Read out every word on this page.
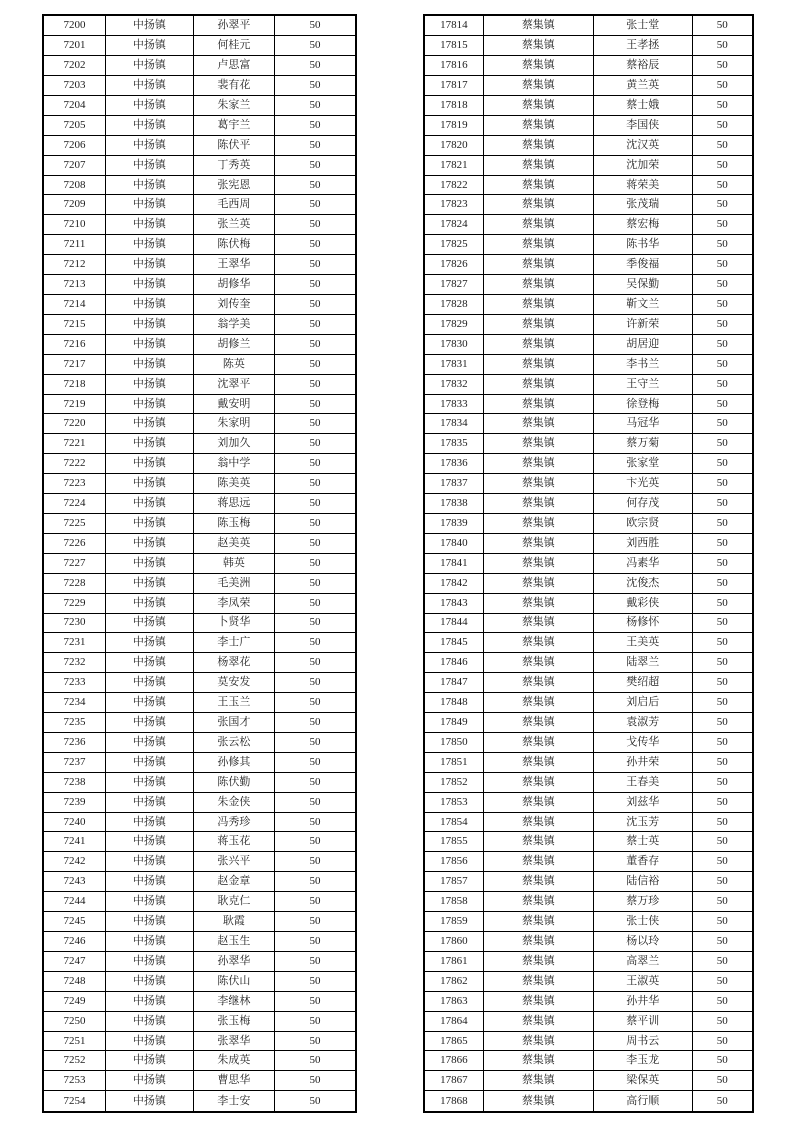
7200	中扬镇	孙翠平	50
7201	中扬镇	何桂元	50
7202	中扬镇	卢思富	50
7203	中扬镇	裴有花	50
7204	中扬镇	朱家兰	50
7205	中扬镇	葛宇兰	50
7206	中扬镇	陈伏平	50
7207	中扬镇	丁秀英	50
7208	中扬镇	张宪恩	50
7209	中扬镇	毛西周	50
7210	中扬镇	张兰英	50
7211	中扬镇	陈伏梅	50
7212	中扬镇	王翠华	50
7213	中扬镇	胡修华	50
7214	中扬镇	刘传奎	50
7215	中扬镇	翁学美	50
7216	中扬镇	胡修兰	50
7217	中扬镇	陈英	50
7218	中扬镇	沈翠平	50
7219	中扬镇	戴安明	50
7220	中扬镇	朱家明	50
7221	中扬镇	刘加久	50
7222	中扬镇	翁中学	50
7223	中扬镇	陈美英	50
7224	中扬镇	蒋思远	50
7225	中扬镇	陈玉梅	50
7226	中扬镇	赵美英	50
7227	中扬镇	韩英	50
7228	中扬镇	毛美洲	50
7229	中扬镇	李凤荣	50
7230	中扬镇	卜贤华	50
7231	中扬镇	李士广	50
7232	中扬镇	杨翠花	50
7233	中扬镇	莫安发	50
7234	中扬镇	王玉兰	50
7235	中扬镇	张国才	50
7236	中扬镇	张云松	50
7237	中扬镇	孙修其	50
7238	中扬镇	陈伏勤	50
7239	中扬镇	朱金侠	50
7240	中扬镇	冯秀珍	50
7241	中扬镇	蒋玉花	50
7242	中扬镇	张兴平	50
7243	中扬镇	赵金章	50
7244	中扬镇	耿克仁	50
7245	中扬镇	耿霞	50
7246	中扬镇	赵玉生	50
7247	中扬镇	孙翠华	50
7248	中扬镇	陈伏山	50
7249	中扬镇	李继林	50
7250	中扬镇	张玉梅	50
7251	中扬镇	张翠华	50
7252	中扬镇	朱成英	50
7253	中扬镇	曹思华	50
7254	中扬镇	李士安	50
17814	蔡集镇	张士堂	50
17815	蔡集镇	王孝拯	50
17816	蔡集镇	蔡裕辰	50
17817	蔡集镇	黄兰英	50
17818	蔡集镇	蔡士娥	50
17819	蔡集镇	李国侠	50
17820	蔡集镇	沈汉英	50
17821	蔡集镇	沈加荣	50
17822	蔡集镇	蒋荣美	50
17823	蔡集镇	张茂瑞	50
17824	蔡集镇	蔡宏梅	50
17825	蔡集镇	陈书华	50
17826	蔡集镇	季俊福	50
17827	蔡集镇	吴保勤	50
17828	蔡集镇	靳文兰	50
17829	蔡集镇	许新荣	50
17830	蔡集镇	胡居迎	50
17831	蔡集镇	李书兰	50
17832	蔡集镇	王守兰	50
17833	蔡集镇	徐登梅	50
17834	蔡集镇	马冠华	50
17835	蔡集镇	蔡万菊	50
17836	蔡集镇	张家堂	50
17837	蔡集镇	卞光英	50
17838	蔡集镇	何存茂	50
17839	蔡集镇	欧宗贤	50
17840	蔡集镇	刘西胜	50
17841	蔡集镇	冯素华	50
17842	蔡集镇	沈俊杰	50
17843	蔡集镇	戴彩侠	50
17844	蔡集镇	杨修怀	50
17845	蔡集镇	王美英	50
17846	蔡集镇	陆翠兰	50
17847	蔡集镇	樊绍超	50
17848	蔡集镇	刘启后	50
17849	蔡集镇	袁淑芳	50
17850	蔡集镇	戈传华	50
17851	蔡集镇	孙井荣	50
17852	蔡集镇	王春美	50
17853	蔡集镇	刘兹华	50
17854	蔡集镇	沈玉芳	50
17855	蔡集镇	蔡士英	50
17856	蔡集镇	董香存	50
17857	蔡集镇	陆信裕	50
17858	蔡集镇	蔡万珍	50
17859	蔡集镇	张士侠	50
17860	蔡集镇	杨以玲	50
17861	蔡集镇	高翠兰	50
17862	蔡集镇	王淑英	50
17863	蔡集镇	孙井华	50
17864	蔡集镇	蔡平训	50
17865	蔡集镇	周书云	50
17866	蔡集镇	李玉龙	50
17867	蔡集镇	梁保英	50
17868	蔡集镇	高行顺	50
